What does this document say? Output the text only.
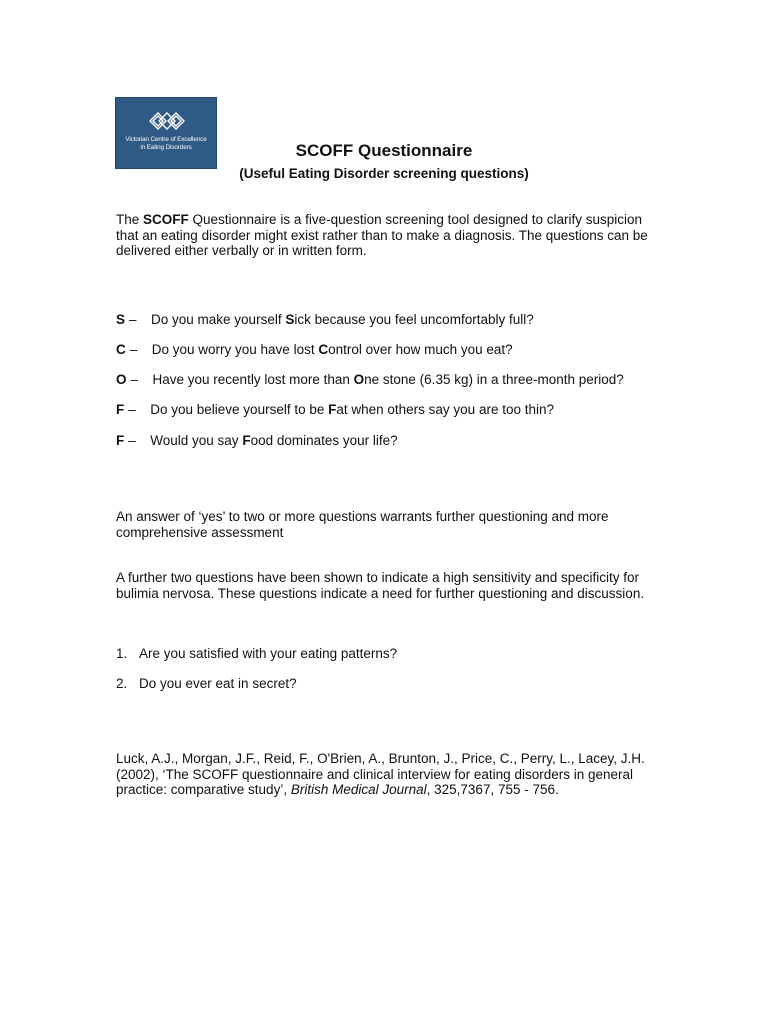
Victorian Centre of Excellence
in Eating Disorders	SCOFF Questionnaire
(Useful Eating Disorder screening questions)

The SCOFF Questionnaire is a five-question screening tool designed to clarify suspicion that an eating disorder might exist rather than to make a diagnosis. The questions can be delivered either verbally or in written form.

S – Do you make yourself Sick because you feel uncomfortably full?

C – Do you worry you have lost Control over how much you eat?

O – Have you recently lost more than One stone (6.35 kg) in a three-month period?

F – Do you believe yourself to be Fat when others say you are too thin?

F – Would you say Food dominates your life?

An answer of ‘yes’ to two or more questions warrants further questioning and more comprehensive assessment

A further two questions have been shown to indicate a high sensitivity and specificity for bulimia nervosa. These questions indicate a need for further questioning and discussion.

1. Are you satisfied with your eating patterns?

2. Do you ever eat in secret?

Luck, A.J., Morgan, J.F., Reid, F., O'Brien, A., Brunton, J., Price, C., Perry, L., Lacey, J.H. (2002), ‘The SCOFF questionnaire and clinical interview for eating disorders in general practice: comparative study’, British Medical Journal, 325,7367, 755 - 756.
